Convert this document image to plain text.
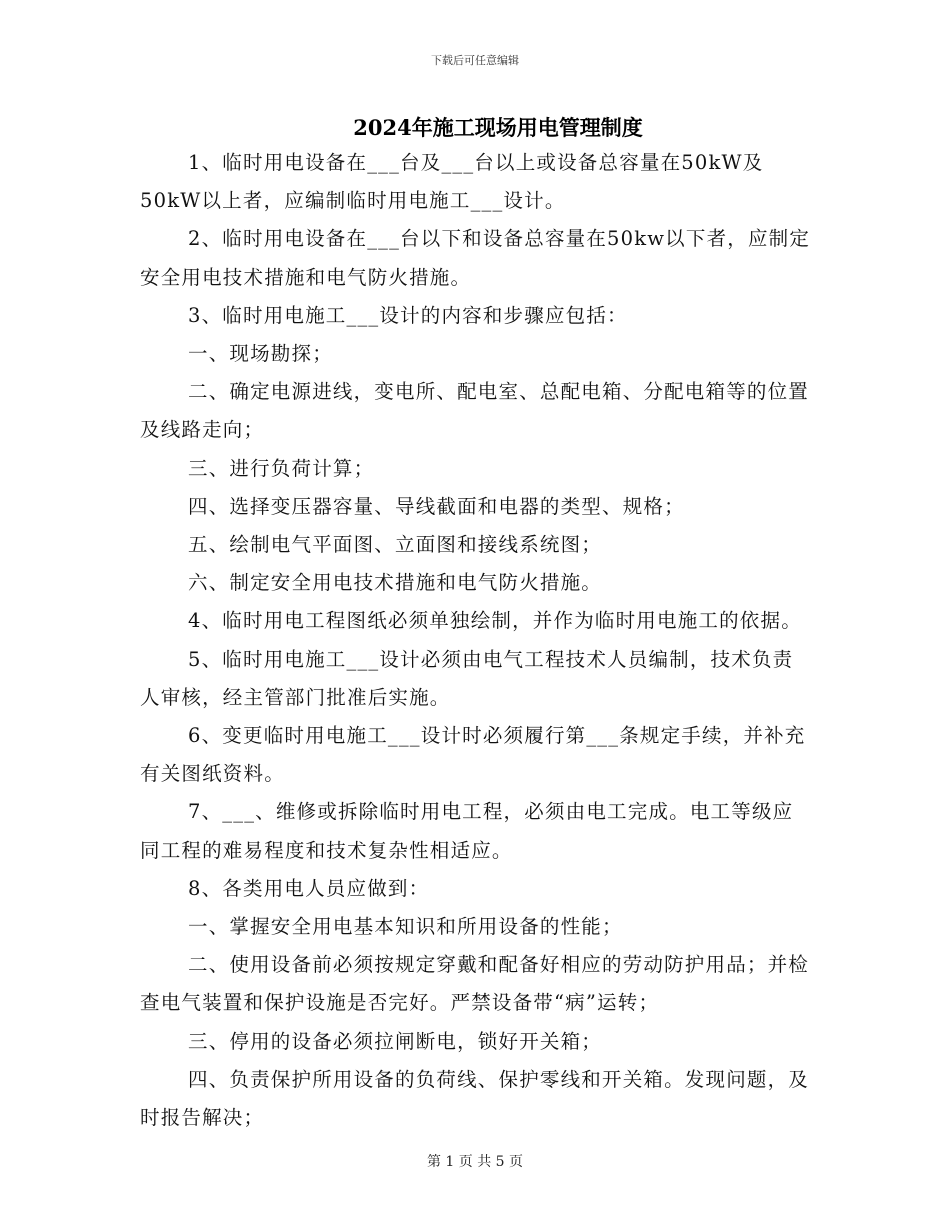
下载后可任意编辑
2024年施工现场用电管理制度

1、临时用电设备在___台及___台以上或设备总容量在50kW及50kW以上者，应编制临时用电施工___设计。

2、临时用电设备在___台以下和设备总容量在50kw以下者，应制定安全用电技术措施和电气防火措施。

3、临时用电施工___设计的内容和步骤应包括：

一、现场勘探；

二、确定电源进线，变电所、配电室、总配电箱、分配电箱等的位置及线路走向；

三、进行负荷计算；

四、选择变压器容量、导线截面和电器的类型、规格；

五、绘制电气平面图、立面图和接线系统图；

六、制定安全用电技术措施和电气防火措施。

4、临时用电工程图纸必须单独绘制，并作为临时用电施工的依据。

5、临时用电施工___设计必须由电气工程技术人员编制，技术负责人审核，经主管部门批准后实施。

6、变更临时用电施工___设计时必须履行第___条规定手续，并补充有关图纸资料。

7、___、维修或拆除临时用电工程，必须由电工完成。电工等级应同工程的难易程度和技术复杂性相适应。

8、各类用电人员应做到：

一、掌握安全用电基本知识和所用设备的性能；

二、使用设备前必须按规定穿戴和配备好相应的劳动防护用品；并检查电气装置和保护设施是否完好。严禁设备带“病”运转；

三、停用的设备必须拉闸断电，锁好开关箱；

四、负责保护所用设备的负荷线、保护零线和开关箱。发现问题，及时报告解决；

第 1 页 共 5 页
